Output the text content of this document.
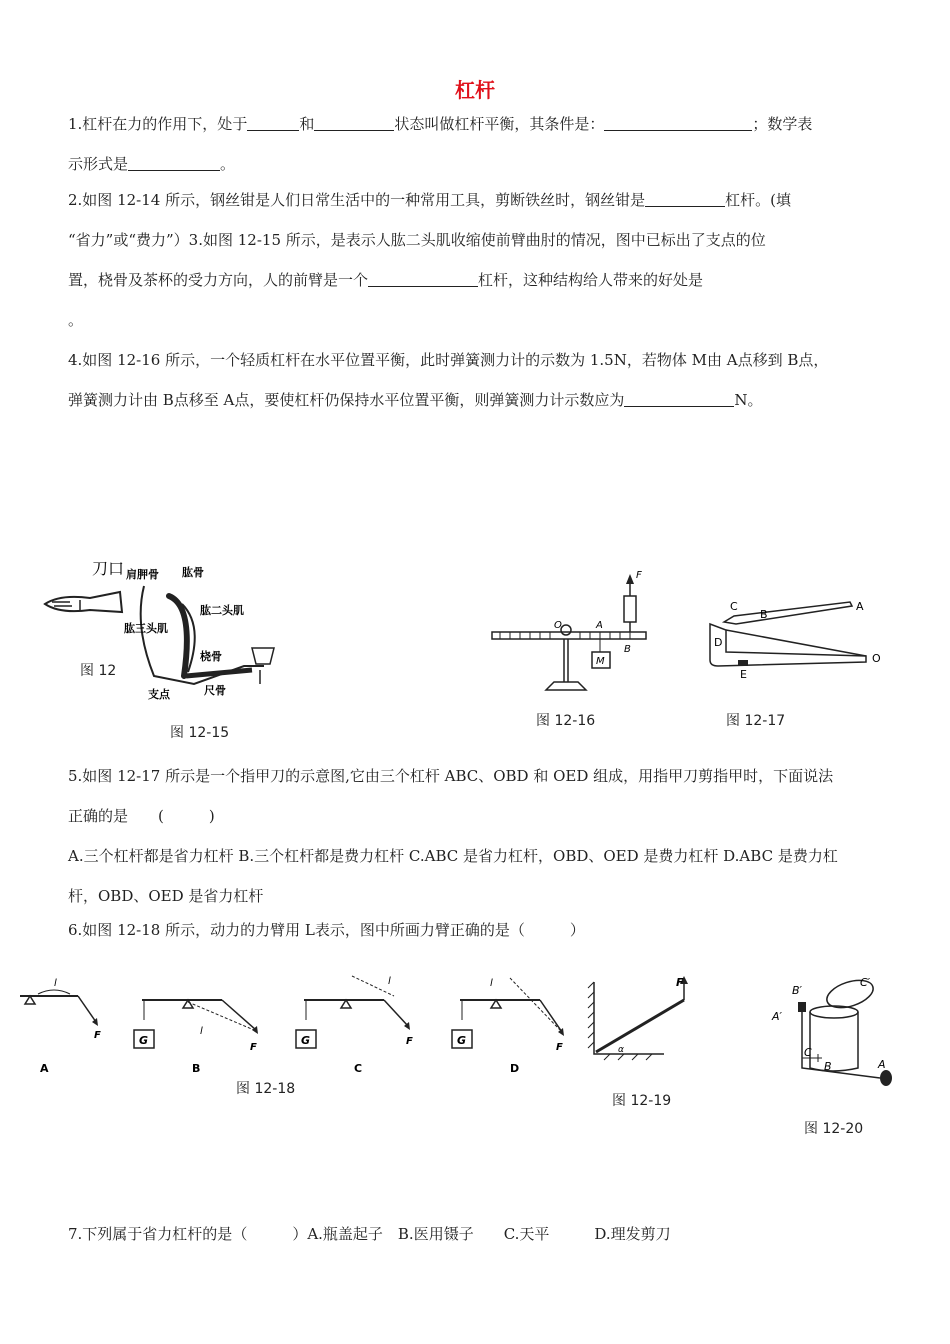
杠杆
1.杠杆在力的作用下，处于	和	状态叫做杠杆平衡，其条件是：	；数学表
示形式是	。
2.如图 12-14 所示，钢丝钳是人们日常生活中的一种常用工具，剪断铁丝时，钢丝钳是	杠杆。(填
“省力”或“费力”）3.如图 12-15 所示，是表示人肱二头肌收缩使前臂曲肘的情况，图中已标出了支点的位
置，桡骨及茶杯的受力方向，人的前臂是一个	杠杆，这种结构给人带来的好处是
。
4.如图 12-16 所示，一个轻质杠杆在水平位置平衡，此时弹簧测力计的示数为 1.5N，若物体 M由 A点移到 B点，
弹簧测力计由 B点移至 A点，要使杠杆仍保持水平位置平衡，则弹簧测力计示数应为	N。
刀口
图 12
肩胛骨 肱骨
肱二头肌
肱三头肌
桡骨
支点	尺骨
图 12-15
O	A
B
M
F
图 12-16
C
B
A
D
E
O
图 12-17
5.如图 12-17 所示是一个指甲刀的示意图,它由三个杠杆 ABC、OBD 和 OED 组成，用指甲刀剪指甲时，下面说法
正确的是　　(　　　)
A.三个杠杆都是省力杠杆 B.三个杠杆都是费力杠杆 C.ABC 是省力杠杆，OBD、OED 是费力杠杆 D.ABC 是费力杠
杆，OBD、OED 是省力杠杆
6.如图 12-18 所示，动力的力臂用 L表示，图中所画力臂正确的是（　　　）
l
F
A
G
l
F
B
G
l
F
C
G
l
F
D
图 12-18
F
α
图 12-19
B′
C′
A′
C
B	A
图 12-20
7.下列属于省力杠杆的是（　　　）A.瓶盖起子　B.医用镊子　　C.天平　　　D.理发剪刀
